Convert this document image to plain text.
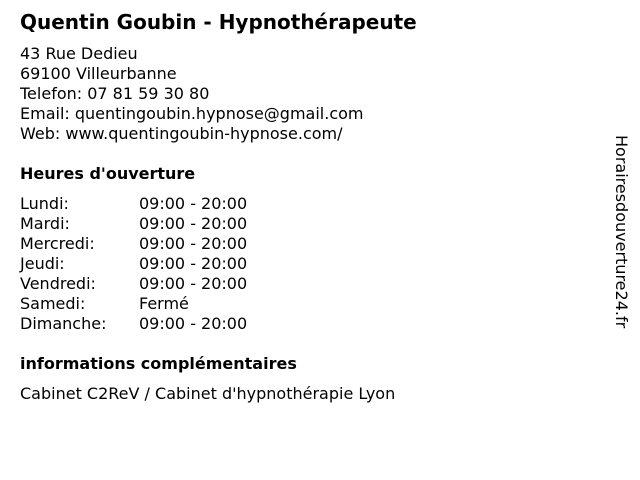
Quentin Goubin - Hypnothérapeute
43 Rue Dedieu
69100 Villeurbanne
Telefon: 07 81 59 30 80
Email: quentingoubin.hypnose@gmail.com
Web: www.quentingoubin-hypnose.com/
Heures d'ouverture
Lundi:	09:00 - 20:00
Mardi:	09:00 - 20:00
Mercredi:	09:00 - 20:00
Jeudi:	09:00 - 20:00
Vendredi:	09:00 - 20:00
Samedi:	Fermé
Dimanche: 09:00 - 20:00
informations complémentaires
Cabinet C2ReV / Cabinet d'hypnothérapie Lyon
Horairesdouverture24.fr
